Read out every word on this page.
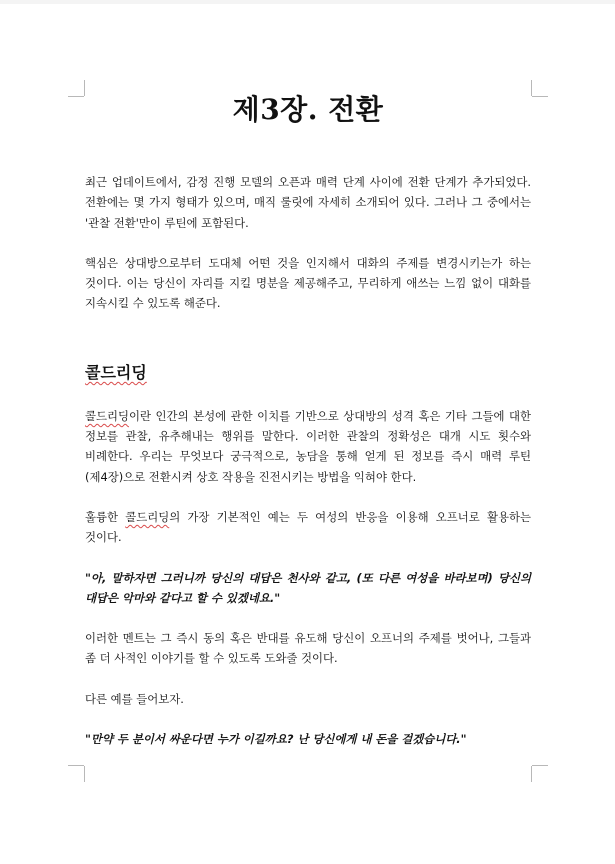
제3장. 전환

최근 업데이트에서, 감정 진행 모델의 오픈과 매력 단계 사이에 전환 단계가 추가되었다. 전환에는 몇 가지 형태가 있으며, 매직 룰릿에 자세히 소개되어 있다. 그러나 그 중에서는 '관찰 전환'만이 루틴에 포함된다.

핵심은 상대방으로부터 도대체 어떤 것을 인지해서 대화의 주제를 변경시키는가 하는 것이다. 이는 당신이 자리를 지킬 명분을 제공해주고, 무리하게 애쓰는 느낌 없이 대화를 지속시킬 수 있도록 해준다.

콜드리딩

콜드리딩이란 인간의 본성에 관한 이치를 기반으로 상대방의 성격 혹은 기타 그들에 대한 정보를 관찰, 유추해내는 행위를 말한다. 이러한 관찰의 정확성은 대개 시도 횟수와 비례한다. 우리는 무엇보다 궁극적으로, 농담을 통해 얻게 된 정보를 즉시 매력 루틴(제4장)으로 전환시켜 상호 작용을 진전시키는 방법을 익혀야 한다.

훌륭한 콜드리딩의 가장 기본적인 예는 두 여성의 반응을 이용해 오프너로 활용하는 것이다.

"아, 말하자면 그러니까 당신의 대답은 천사와 같고, (또 다른 여성을 바라보며) 당신의 대답은 악마와 같다고 할 수 있겠네요."

이러한 멘트는 그 즉시 동의 혹은 반대를 유도해 당신이 오프너의 주제를 벗어나, 그들과 좀 더 사적인 이야기를 할 수 있도록 도와줄 것이다.

다른 예를 들어보자.

"만약 두 분이서 싸운다면 누가 이길까요? 난 당신에게 내 돈을 걸겠습니다."
